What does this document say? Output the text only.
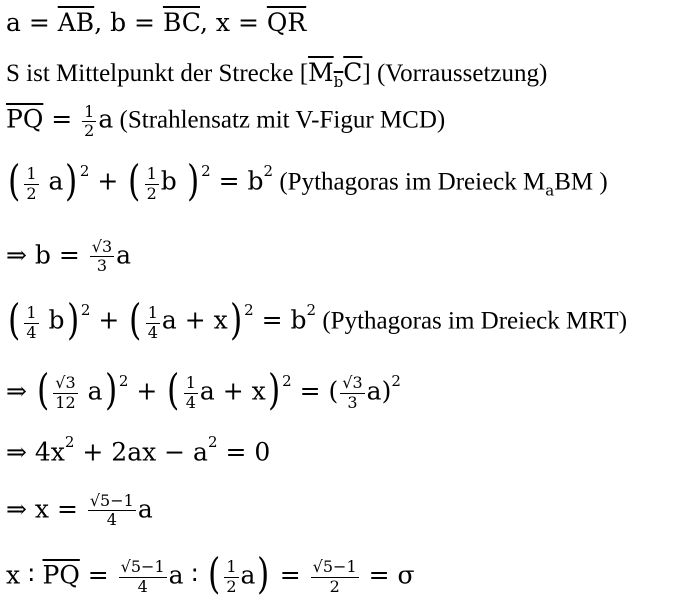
$a = \overline{AB}$, $b = \overline{BC}$, $x = \overline{QR}$
S ist Mittelpunkt der Strecke $[M_bC]$ (Vorraussetzung)
$\overline{PQ} = \frac{1}{2}$ a (Strahlensatz mit V-Figur MCD)
( $\frac{1}{2} a$) $^2$ + ( $\frac{1}{2}$ b ) $^2 = b^2$ (Pythagoras im Dreieck $M_aBM$ )
⇒ $b = \frac{√3}{3}$ a
( $\frac{1}{4} b$) $^2$ + ( $\frac{1}{4}$ a + x) $^2 = b^2$ (Pythagoras im Dreieck MRT)
⇒ ( $\frac{√3}{12} a$) $^2$ + ( $\frac{1}{4}$ a + x) $^2$ = ( $\frac{√3}{3} a)^2$
⇒ $4x^2 + 2ax - a^2 = 0$
⇒ $x = \frac{√5-1}{4}$ a
x ∶ $\overline{PQ} = \frac{√5-1}{4}$ a ∶ ( $\frac{1}{2} a) = \frac{√5-1}{2} = \sigma$
